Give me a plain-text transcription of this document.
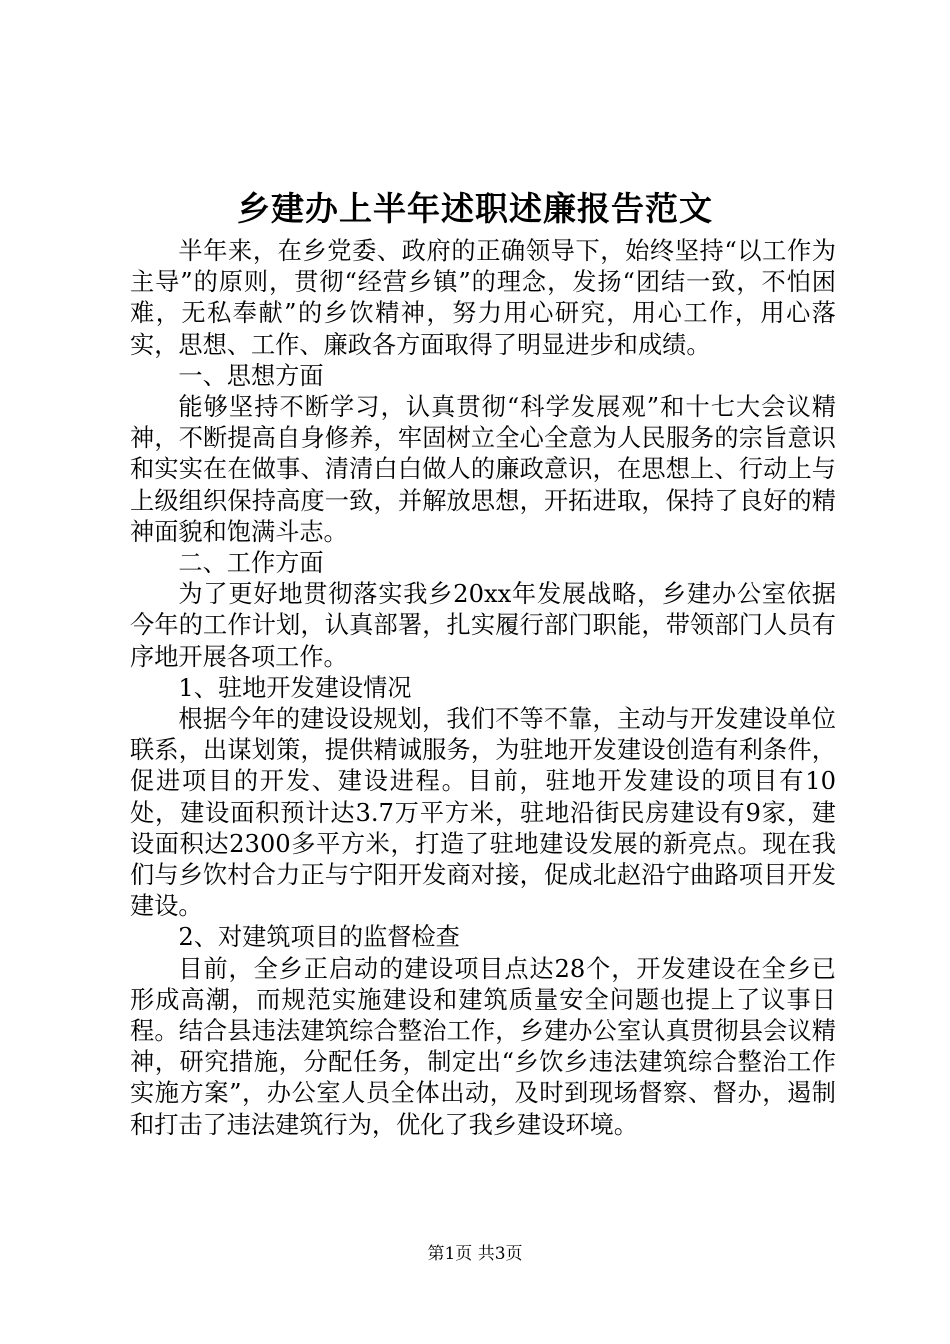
乡建办上半年述职述廉报告范文

半年来，在乡党委、政府的正确领导下，始终坚持“以工作为主导”的原则，贯彻“经营乡镇”的理念，发扬“团结一致，不怕困难，无私奉献”的乡饮精神，努力用心研究，用心工作，用心落实，思想、工作、廉政各方面取得了明显进步和成绩。

一、思想方面

能够坚持不断学习，认真贯彻“科学发展观”和十七大会议精神，不断提高自身修养，牢固树立全心全意为人民服务的宗旨意识和实实在在做事、清清白白做人的廉政意识，在思想上、行动上与上级组织保持高度一致，并解放思想，开拓进取，保持了良好的精神面貌和饱满斗志。

二、工作方面

为了更好地贯彻落实我乡20xx年发展战略，乡建办公室依据今年的工作计划，认真部署，扎实履行部门职能，带领部门人员有序地开展各项工作。

1、驻地开发建设情况

根据今年的建设设规划，我们不等不靠，主动与开发建设单位联系，出谋划策，提供精诚服务，为驻地开发建设创造有利条件，促进项目的开发、建设进程。目前，驻地开发建设的项目有10处，建设面积预计达3.7万平方米，驻地沿街民房建设有9家，建设面积达2300多平方米，打造了驻地建设发展的新亮点。现在我们与乡饮村合力正与宁阳开发商对接，促成北赵沿宁曲路项目开发建设。

2、对建筑项目的监督检查

目前，全乡正启动的建设项目点达28个，开发建设在全乡已形成高潮，而规范实施建设和建筑质量安全问题也提上了议事日程。结合县违法建筑综合整治工作，乡建办公室认真贯彻县会议精神，研究措施，分配任务，制定出“乡饮乡违法建筑综合整治工作实施方案”，办公室人员全体出动，及时到现场督察、督办，遏制和打击了违法建筑行为，优化了我乡建设环境。

第1页 共3页
